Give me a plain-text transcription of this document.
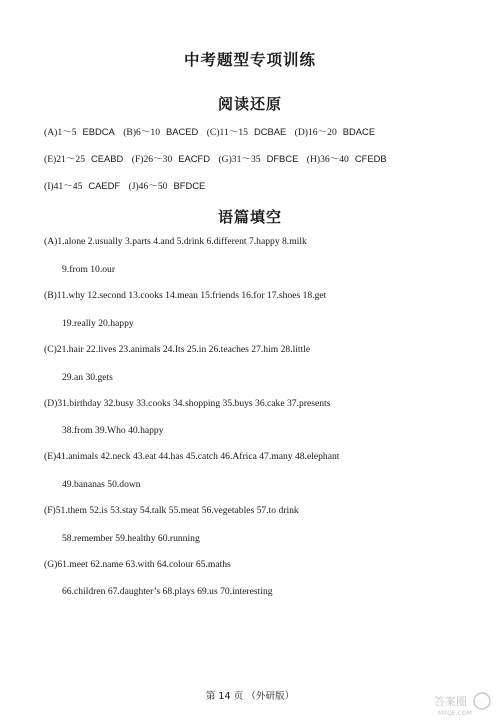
中考题型专项训练
阅读还原
(A)1～5 EBDCA (B)6～10 BACED (C)11～15 DCBAE (D)16～20 BDACE
(E)21～25 CEABD (F)26～30 EACFD (G)31～35 DFBCE (H)36～40 CFEDB
(I)41～45 CAEDF (J)46～50 BFDCE
语篇填空
(A)1.alone 2.usually 3.parts 4.and 5.drink 6.different 7.happy 8.milk
9.from 10.our
(B)11.why 12.second 13.cooks 14.mean 15.friends 16.for 17.shoes 18.get
19.really 20.happy
(C)21.hair 22.lives 23.animals 24.Its 25.in 26.teaches 27.him 28.little
29.an 30.gets
(D)31.birthday 32.busy 33.cooks 34.shopping 35.buys 36.cake 37.presents
38.from 39.Who 40.happy
(E)41.animals 42.neck 43.eat 44.has 45.catch 46.Africa 47.many 48.elephant
49.bananas 50.down
(F)51.them 52.is 53.stay 54.talk 55.meat 56.vegetables 57.to drink
58.remember 59.healthy 60.running
(G)61.meet 62.name 63.with 64.colour 65.maths
66.children 67.daughter’s 68.plays 69.us 70.interesting
第 14 页 （外研版）	答案圈
MXQE.COM
